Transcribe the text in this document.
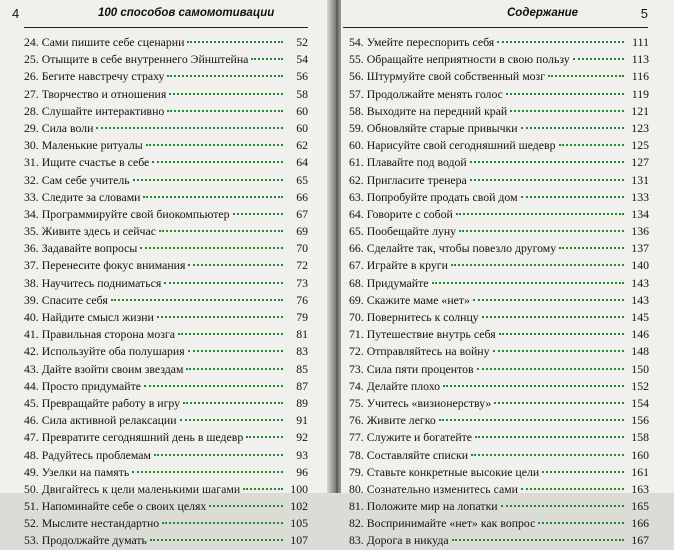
4	100 способов самомотивации
24. Сами пишите себе сценарии	52
25. Отыщите в себе внутреннего Эйнштейна	54
26. Бегите навстречу страху	56
27. Творчество и отношения	58
28. Слушайте интерактивно	60
29. Сила воли	60
30. Маленькие ритуалы	62
31. Ищите счастье в себе	64
32. Сам себе учитель	65
33. Следите за словами	66
34. Программируйте свой биокомпьютер	67
35. Живите здесь и сейчас	69
36. Задавайте вопросы	70
37. Перенесите фокус внимания	72
38. Научитесь подниматься	73
39. Спасите себя	76
40. Найдите смысл жизни	79
41. Правильная сторона мозга	81
42. Используйте оба полушария	83
43. Дайте взойти своим звездам	85
44. Просто придумайте	87
45. Превращайте работу в игру	89
46. Сила активной релаксации	91
47. Превратите сегодняшний день в шедевр	92
48. Радуйтесь проблемам	93
49. Узелки на память	96
50. Двигайтесь к цели маленькими шагами	100
51. Напоминайте себе о своих целях	102
52. Мыслите нестандартно	105
53. Продолжайте думать	107
Содержание	5
54. Умейте переспорить себя	111
55. Обращайте неприятности в свою пользу	113
56. Штурмуйте свой собственный мозг	116
57. Продолжайте менять голос	119
58. Выходите на передний край	121
59. Обновляйте старые привычки	123
60. Нарисуйте свой сегодняшний шедевр	125
61. Плавайте под водой	127
62. Пригласите тренера	131
63. Попробуйте продать свой дом	133
64. Говорите с собой	134
65. Пообещайте луну	136
66. Сделайте так, чтобы повезло другому	137
67. Играйте в круги	140
68. Придумайте	143
69. Скажите маме «нет»	143
70. Повернитесь к солнцу	145
71. Путешествие внутрь себя	146
72. Отправляйтесь на войну	148
73. Сила пяти процентов	150
74. Делайте плохо	152
75. Учитесь «визионерству»	154
76. Живите легко	156
77. Служите и богатейте	158
78. Составляйте списки	160
79. Ставьте конкретные высокие цели	161
80. Сознательно изменитесь сами	163
81. Положите мир на лопатки	165
82. Воспринимайте «нет» как вопрос	166
83. Дорога в никуда	167
